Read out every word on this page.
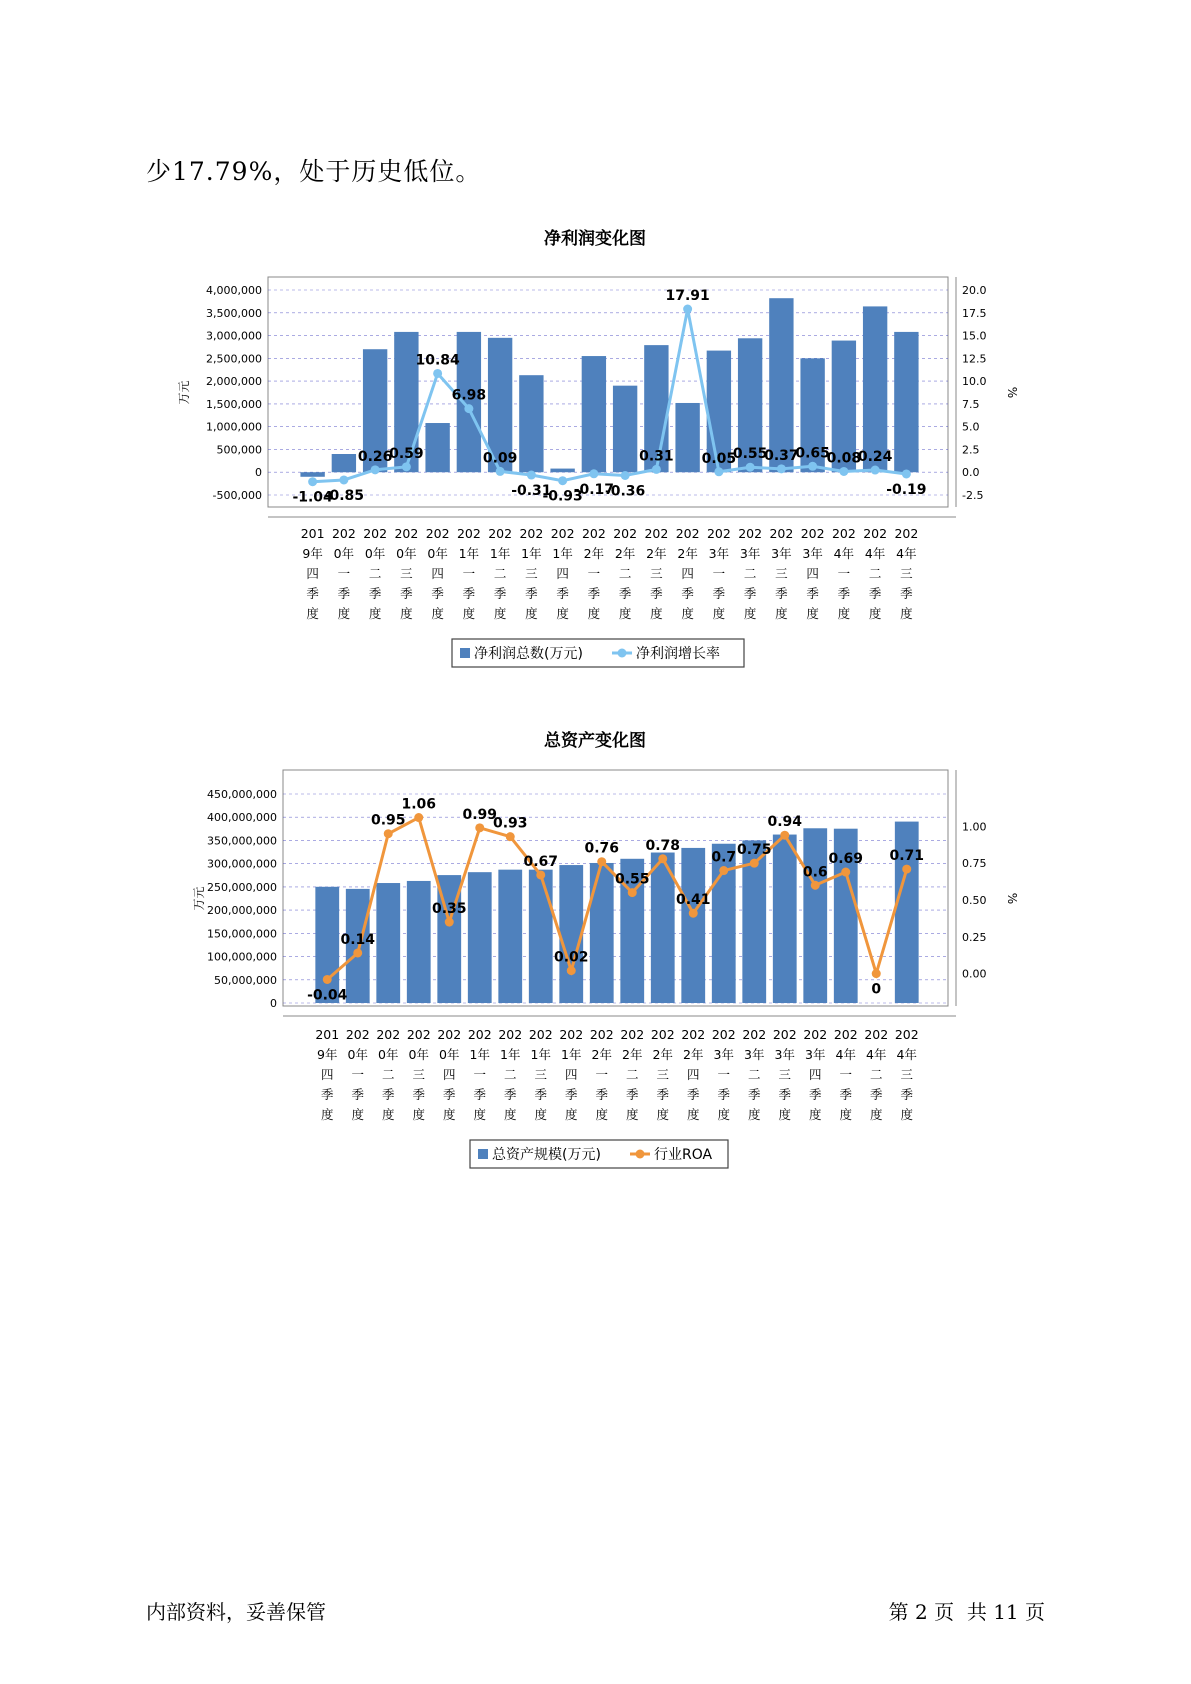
少17.79%，处于历史低位。
净利润变化图
4,000,000
3,500,000
3,000,000
2,500,000
2,000,000
1,500,000
1,000,000
500,000
0
-500,000
20.0
17.5
15.0
12.5
10.0
7.5
5.0
2.5
0.0
-2.5
万元	%
-1.04
-0.85
0.26
0.59
10.84
6.98
0.09
-0.31
-0.93
-0.17
-0.36
0.31
17.91
0.05
0.55
0.37
0.65
0.08
0.24
-0.19
201 9年四季度
202 0年一季度
202 0年二季度
202 0年三季度
202 0年四季度
202 1年一季度
202 1年二季度
202 1年三季度
202 1年四季度
202 2年一季度
202 2年二季度
202 2年三季度
202 2年四季度
202 3年一季度
202 3年二季度
202 3年三季度
202 3年四季度
202 4年一季度
202 4年二季度
202 4年三季度
净利润总数(万元)	净利润增长率
总资产变化图
450,000,000
400,000,000
350,000,000
300,000,000
250,000,000
200,000,000
150,000,000
100,000,000
50,000,000
0
1.00
0.75
0.50
0.25
0.00
万元	%
-0.04
0.14
0.95
1.06
0.35
0.99
0.93
0.67
0.02
0.76
0.55
0.78
0.41
0.7 0.75
0.94
0.6
0.69
0
0.71
201 9年四季度
202 0年一季度
202 0年二季度
202 0年三季度
202 0年四季度
202 1年一季度
202 1年二季度
202 1年三季度
202 1年四季度
202 2年一季度
202 2年二季度
202 2年三季度
202 2年四季度
202 3年一季度
202 3年二季度
202 3年三季度
202 3年四季度
202 4年一季度
202 4年二季度
202 4年三季度
总资产规模(万元)	行业ROA
内部资料，妥善保管	第 2 页  共 11 页
